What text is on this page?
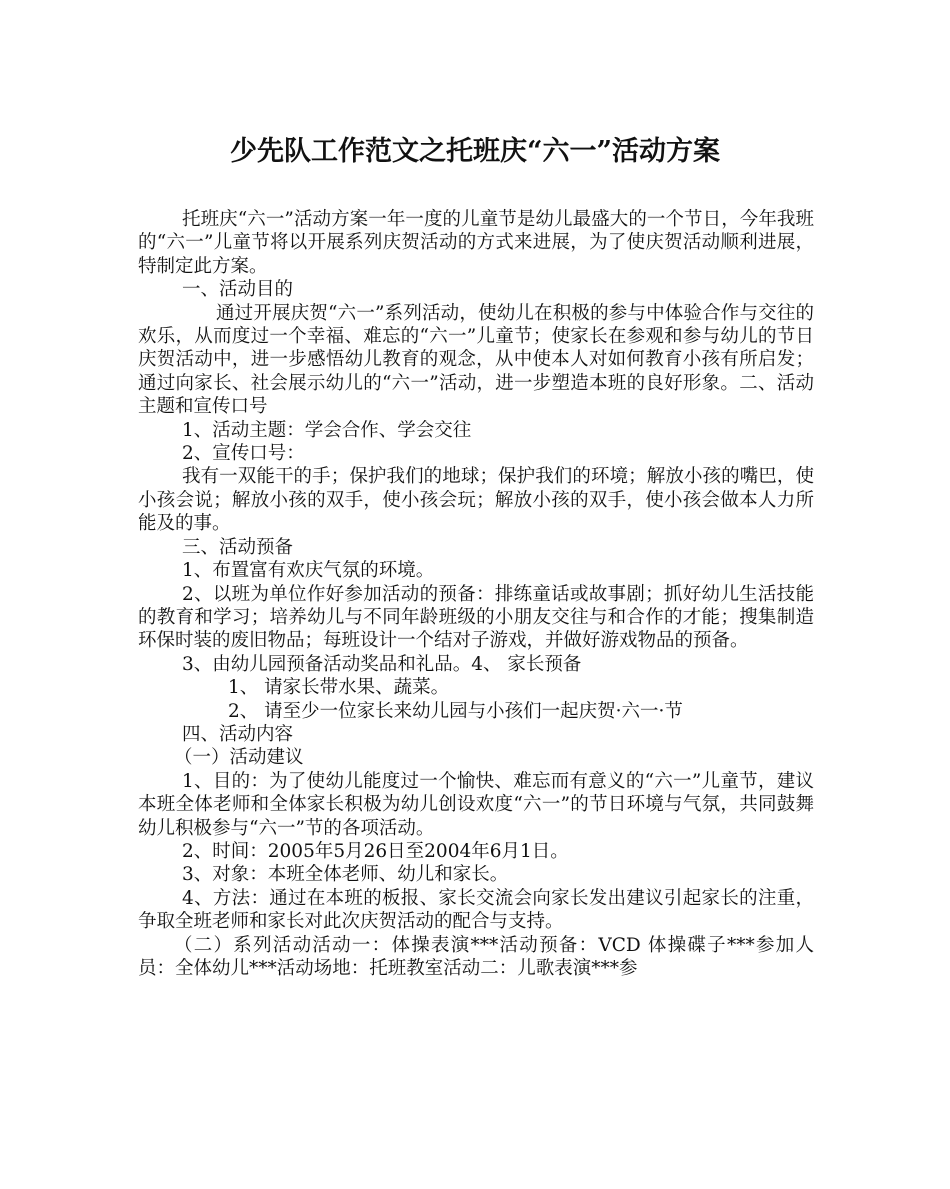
少先队工作范文之托班庆“六一”活动方案

托班庆“六一”活动方案一年一度的儿童节是幼儿最盛大的一个节日，今年我班的“六一”儿童节将以开展系列庆贺活动的方式来进展，为了使庆贺活动顺利进展，特制定此方案。

一、活动目的

通过开展庆贺“六一”系列活动，使幼儿在积极的参与中体验合作与交往的欢乐，从而度过一个幸福、难忘的“六一”儿童节；使家长在参观和参与幼儿的节日庆贺活动中，进一步感悟幼儿教育的观念，从中使本人对如何教育小孩有所启发；通过向家长、社会展示幼儿的“六一”活动，进一步塑造本班的良好形象。二、活动主题和宣传口号

1、活动主题：学会合作、学会交往

2、宣传口号：

我有一双能干的手；保护我们的地球；保护我们的环境；解放小孩的嘴巴，使小孩会说；解放小孩的双手，使小孩会玩；解放小孩的双手，使小孩会做本人力所能及的事。

三、活动预备

1、布置富有欢庆气氛的环境。

2、以班为单位作好参加活动的预备：排练童话或故事剧；抓好幼儿生活技能的教育和学习；培养幼儿与不同年龄班级的小朋友交往与和合作的才能；搜集制造环保时装的废旧物品；每班设计一个结对子游戏，并做好游戏物品的预备。

3、由幼儿园预备活动奖品和礼品。4、 家长预备

1、 请家长带水果、蔬菜。

2、 请至少一位家长来幼儿园与小孩们一起庆贺·六一·节

四、活动内容

（一）活动建议

1、目的：为了使幼儿能度过一个愉快、难忘而有意义的“六一”儿童节，建议本班全体老师和全体家长积极为幼儿创设欢度“六一”的节日环境与气氛，共同鼓舞幼儿积极参与“六一”节的各项活动。

2、时间：2005年5月26日至2004年6月1日。

3、对象：本班全体老师、幼儿和家长。

4、方法：通过在本班的板报、家长交流会向家长发出建议引起家长的注重，争取全班老师和家长对此次庆贺活动的配合与支持。

（二）系列活动活动一：体操表演***活动预备：VCD 体操碟子***参加人员：全体幼儿***活动场地：托班教室活动二：儿歌表演***参
